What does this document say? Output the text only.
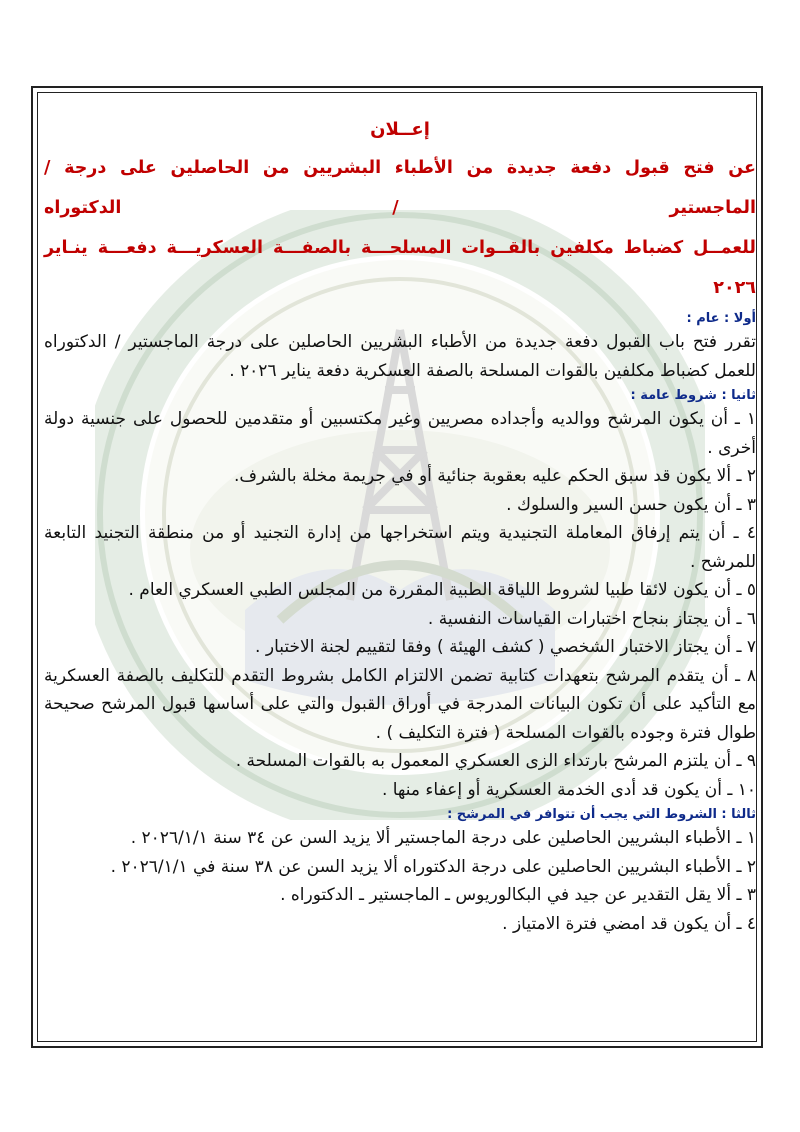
إعــلان
عن فتح قبول دفعة جديدة من الأطباء البشريين من الحاصلين على درجة / الماجستير / الدكتوراه
للعمــل كضباط مكلفين بالقــوات المسلحـــة بالصفـــة العسكريـــة دفعـــة ينـاير
٢٠٢٦
أولا : عام :
تقرر فتح باب القبول دفعة جديدة من الأطباء البشريين الحاصلين على درجة الماجستير / الدكتوراه للعمل كضباط مكلفين بالقوات المسلحة بالصفة العسكرية دفعة يناير ٢٠٢٦ .
ثانيا : شروط عامة :
١ ـ أن يكون المرشح ووالديه وأجداده مصريين وغير مكتسبين أو متقدمين للحصول على جنسية دولة أخرى .
٢ ـ ألا يكون قد سبق الحكم عليه بعقوبة جنائية أو في جريمة مخلة بالشرف.
٣ ـ أن يكون حسن السير والسلوك .
٤ ـ أن يتم إرفاق المعاملة التجنيدية ويتم استخراجها من إدارة التجنيد أو من منطقة التجنيد التابعة للمرشح .
٥ ـ أن يكون لائقا طبيا لشروط اللياقة الطبية المقررة من المجلس الطبي العسكري العام .
٦ ـ أن يجتاز بنجاح اختبارات القياسات النفسية .
٧ ـ أن يجتاز الاختبار الشخصي ( كشف الهيئة ) وفقا لتقييم لجنة الاختبار .
٨ ـ أن يتقدم المرشح بتعهدات كتابية تضمن الالتزام الكامل بشروط التقدم للتكليف بالصفة العسكرية مع التأكيد على أن تكون البيانات المدرجة في أوراق القبول والتي على أساسها قبول المرشح صحيحة طوال فترة وجوده بالقوات المسلحة ( فترة التكليف ) .
٩ ـ أن يلتزم المرشح بارتداء الزى العسكري المعمول به بالقوات المسلحة .
١٠ ـ أن يكون قد أدى الخدمة العسكرية أو إعفاء منها .
ثالثا : الشروط التي يجب أن تتوافر في المرشح :
١ ـ الأطباء البشريين الحاصلين على درجة الماجستير ألا يزيد السن عن ٣٤ سنة ٢٠٢٦/١/١ .
٢ ـ الأطباء البشريين الحاصلين على درجة الدكتوراه ألا يزيد السن عن ٣٨ سنة في ٢٠٢٦/١/١ .
٣ ـ ألا يقل التقدير عن جيد في البكالوريوس ـ الماجستير ـ الدكتوراه .
٤ ـ أن يكون قد امضي فترة الامتياز .
